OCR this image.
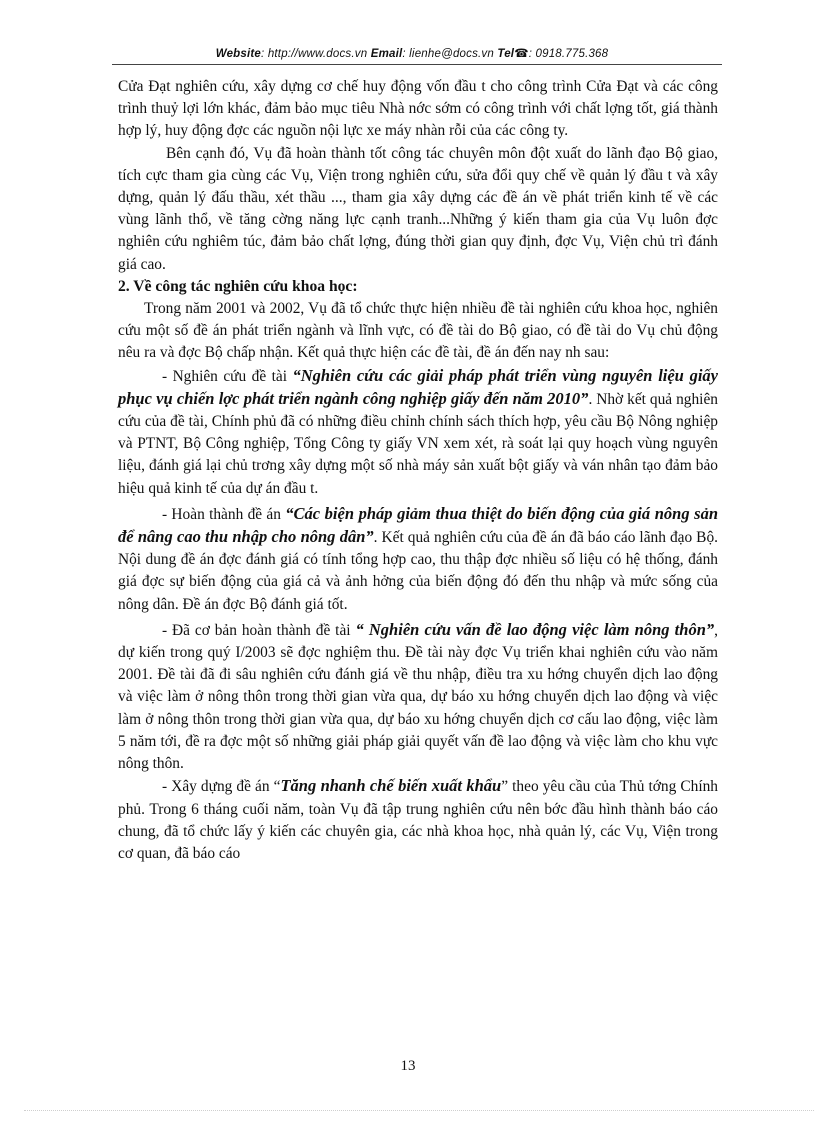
Website: http://www.docs.vn Email: lienhe@docs.vn Tel☎: 0918.775.368

Cửa Đạt nghiên cứu, xây dựng cơ chế huy động vốn đầu t cho công trình Cửa Đạt và các công trình thuỷ lợi lớn khác, đảm bảo mục tiêu Nhà nớc sớm có công trình với chất lợng tốt, giá thành hợp lý, huy động đợc các nguồn nội lực xe máy nhàn rỗi của các công ty.

Bên cạnh đó, Vụ đã hoàn thành tốt công tác chuyên môn đột xuất do lãnh đạo Bộ giao, tích cực tham gia cùng các Vụ, Viện trong nghiên cứu, sửa đổi quy chế về quản lý đầu t và xây dựng, quản lý đấu thầu, xét thầu ..., tham gia xây dựng các đề án về phát triển kinh tế về các vùng lãnh thổ, về tăng cờng năng lực cạnh tranh...Những ý kiến tham gia của Vụ luôn đợc nghiên cứu nghiêm túc, đảm bảo chất lợng, đúng thời gian quy định, đợc Vụ, Viện chủ trì đánh giá cao.

2. Về công tác nghiên cứu khoa học:

Trong năm 2001 và 2002, Vụ đã tổ chức thực hiện nhiều đề tài nghiên cứu khoa học, nghiên cứu một số đề án phát triển ngành và lĩnh vực, có đề tài do Bộ giao, có đề tài do Vụ chủ động nêu ra và đợc Bộ chấp nhận. Kết quả thực hiện các đề tài, đề án đến nay nh sau:

- Nghiên cứu đề tài “Nghiên cứu các giải pháp phát triển vùng nguyên liệu giấy phục vụ chiến lợc phát triển ngành công nghiệp giấy đến năm 2010”. Nhờ kết quả nghiên cứu của đề tài, Chính phủ đã có những điều chỉnh chính sách thích hợp, yêu cầu Bộ Nông nghiệp và PTNT, Bộ Công nghiệp, Tổng Công ty giấy VN xem xét, rà soát lại quy hoạch vùng nguyên liệu, đánh giá lại chủ trơng xây dựng một số nhà máy sản xuất bột giấy và ván nhân tạo đảm bảo hiệu quả kinh tế của dự án đầu t.

- Hoàn thành đề án “Các biện pháp giảm thua thiệt do biến động của giá nông sản để nâng cao thu nhập cho nông dân”. Kết quả nghiên cứu của đề án đã báo cáo lãnh đạo Bộ. Nội dung đề án đợc đánh giá có tính tổng hợp cao, thu thập đợc nhiều số liệu có hệ thống, đánh giá đợc sự biến động của giá cả và ảnh hởng của biến động đó đến thu nhập và mức sống của nông dân. Đề án đợc Bộ đánh giá tốt.

- Đã cơ bản hoàn thành đề tài “ Nghiên cứu vấn đề lao động việc làm nông thôn”, dự kiến trong quý I/2003 sẽ đợc nghiệm thu. Đề tài này đợc Vụ triển khai nghiên cứu vào năm 2001. Đề tài đã đi sâu nghiên cứu đánh giá về thu nhập, điều tra xu hớng chuyển dịch lao động và việc làm ở nông thôn trong thời gian vừa qua, dự báo xu hớng chuyển dịch lao động và việc làm ở nông thôn trong thời gian vừa qua, dự báo xu hớng chuyển dịch cơ cấu lao động, việc làm 5 năm tới, đề ra đợc một số những giải pháp giải quyết vấn đề lao động và việc làm cho khu vực nông thôn.

- Xây dựng đề án “Tăng nhanh chế biến xuất khẩu” theo yêu cầu của Thủ tớng Chính phủ. Trong 6 tháng cuối năm, toàn Vụ đã tập trung nghiên cứu nên bớc đầu hình thành báo cáo chung, đã tổ chức lấy ý kiến các chuyên gia, các nhà khoa học, nhà quản lý, các Vụ, Viện trong cơ quan, đã báo cáo

13
